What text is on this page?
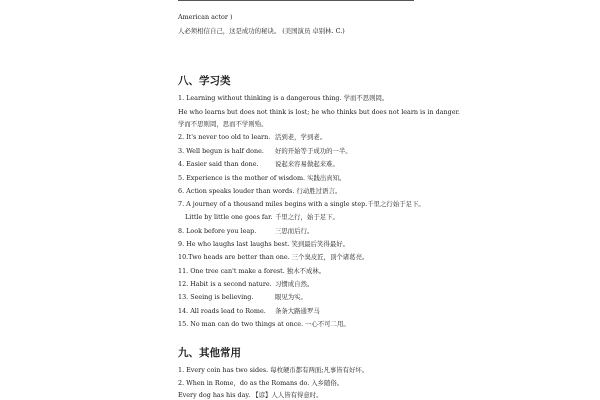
American actor )
人必须相信自己，这是成功的秘诀。 (美国演员 卓别林. C.)
八、学习类
1. Learning without thinking is a dangerous thing. 学而不思则罔。
He who learns but does not think is lost; he who thinks but does not learn is in danger.
学而不思则罔，思而不学则殆。
2. It's never too old to learn. 活到老，学到老。
3. Well begun is half done. 好的开始等于成功的一半。
4. Easier said than done.	说起来容易做起来难。
5. Experience is the mother of wisdom. 实践出真知。
6. Action speaks louder than words. 行动胜过语言。
7. A journey of a thousand miles begins with a single step.千里之行始于足下。
Little by little one goes far. 千里之行，始于足下。
8. Look before you leap.	三思而后行。
9. He who laughs last laughs best. 笑到最后笑得最好。
10.Two heads are better than one. 三个臭皮匠，顶个诸葛亮。
11. One tree can't make a forest. 独木不成林。
12. Habit is a second nature. 习惯成自然。
13. Seeing is believing.	眼见为实。
14. All roads lead to Rome. 条条大路通罗马
15. No man can do two things at once. 一心不可二用。
九、其他常用
1. Every coin has two sides. 每枚硬币都有两面;凡事皆有好坏。
2. When in Rome，do as the Romans do. 入乡随俗。
Every dog has his day. 【谚】人人皆有得意时。
